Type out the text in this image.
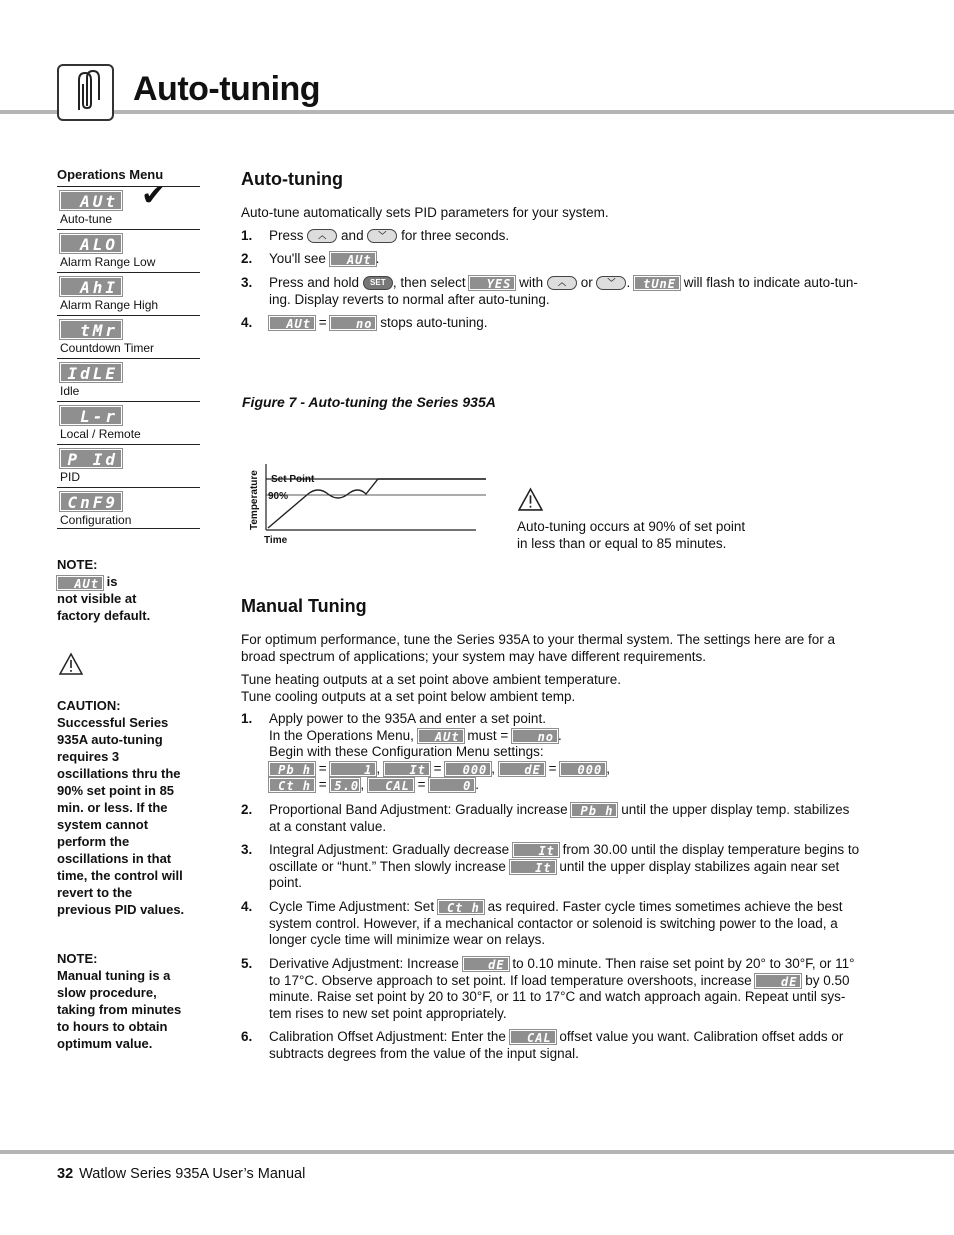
Auto-tuning
Operations Menu
✔
AUt
Auto-tune
ALO
Alarm Range Low
AhI
Alarm Range High
tMr
Countdown Timer
IdLE
Idle
L-r
Local / Remote
P Id
PID
CnF9
Configuration
NOTE:
AUt is
not visible at
factory default.
CAUTION:
Successful Series
935A auto-tuning
requires 3
oscillations thru the
90% set point in 85
min. or less. If the
system cannot
perform the
oscillations in that
time, the control will
revert to the
previous PID values.
NOTE:
Manual tuning is a
slow procedure,
taking from minutes
to hours to obtain
optimum value.
Auto-tuning
Auto-tune automatically sets PID parameters for your system.
1. Press ︿ and ﹀ for three seconds.
2. You'll see AUt .
3. Press and hold SET , then select YES with ︿ or ﹀ . tUnE will flash to indicate auto-tun-
ing. Display reverts to normal after auto-tuning.
4.	AUt = no stops auto-tuning.
Figure 7 - Auto-tuning the Series 935A
Set Point
90%
Time
Temperature	Auto-tuning occurs at 90% of set point
in less than or equal to 85 minutes.
Manual Tuning
For optimum performance, tune the Series 935A to your thermal system. The settings here are for a
broad spectrum of applications; your system may have different requirements.
Tune heating outputs at a set point above ambient temperature.
Tune cooling outputs at a set point below ambient temp.
1. Apply power to the 935A and enter a set point.
In the Operations Menu, AUt must = no .
Begin with these Configuration Menu settings:
Pb h =	1 , It = 000 , dE = 000 ,
Ct h = 5.0, CAL =	0 .
2. Proportional Band Adjustment: Gradually increase Pb h until the upper display temp. stabilizes
at a constant value.
3. Integral Adjustment: Gradually decrease It from 30.00 until the display temperature begins to
oscillate or “hunt.” Then slowly increase It until the upper display stabilizes again near set
point.
4. Cycle Time Adjustment: Set Ct h as required. Faster cycle times sometimes achieve the best
system control. However, if a mechanical contactor or solenoid is switching power to the load, a
longer cycle time will minimize wear on relays.
5. Derivative Adjustment: Increase dE to 0.10 minute. Then raise set point by 20° to 30°F, or 11°
to 17°C. Observe approach to set point. If load temperature overshoots, increase dE by 0.50
minute. Raise set point by 20 to 30°F, or 11 to 17°C and watch approach again. Repeat until sys-
tem rises to new set point appropriately.
6. Calibration Offset Adjustment: Enter the CAL offset value you want. Calibration offset adds or
subtracts degrees from the value of the input signal.
32 Watlow Series 935A User’s Manual
